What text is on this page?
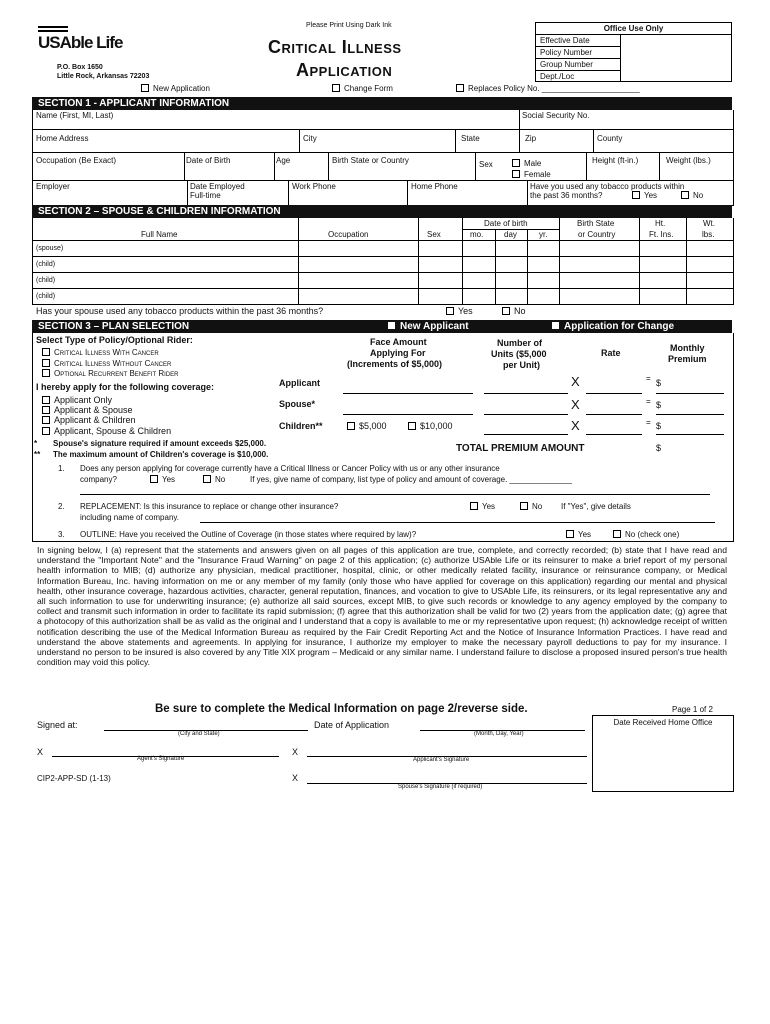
USAble Life
P.O. Box 1650
Little Rock, Arkansas 72203
Please Print Using Dark Ink
Critical Illness
Application
Office Use Only
Effective Date
Policy Number
Group Number
Dept./Loc
New Application	Change Form	Replaces Policy No. ______________________
SECTION 1 - APPLICANT INFORMATION
Name (First, MI, Last)	Social Security No.
Home Address	City	State	Zip	County
Occupation (Be Exact)	Date of Birth	Age	Birth State or Country	Sex	Male
Female
Height (ft-in.)	Weight (lbs.)
Employer	Date Employed
Full-time
Work Phone	Home Phone	Have you used any tobacco products within
the past 36 months?	Yes	No
SECTION 2 – SPOUSE & CHILDREN INFORMATION
Date of birth	Birth State	Ht.	Wt.
Full Name	Occupation	Sex	mo.	day	yr.	or Country	Ft. Ins.	lbs.
(spouse)
(child)
(child)
(child)
Has your spouse used any tobacco products within the past 36 months?	Yes	No
SECTION 3 – PLAN SELECTION	New Applicant	Application for Change
Select Type of Policy/Optional Rider:
Critical Illness With Cancer
Critical Illness Without Cancer
Optional Recurrent Benefit Rider
I hereby apply for the following coverage:
Applicant Only
Applicant & Spouse
Applicant & Children
Applicant, Spouse & Children
Face Amount
Applying For
(Increments of $5,000)
Number of
Units ($5,000
per Unit)
Rate	Monthly
Premium
Applicant	X	= $
Spouse*	X	= $
Children**	$5,000	$10,000	X	= $
* Spouse's signature required if amount exceeds $25,000.
** The maximum amount of Children's coverage is $10,000.
TOTAL PREMIUM AMOUNT	$
1. Does any person applying for coverage currently have a Critical Illness or Cancer Policy with us or any other insurance
company?	Yes	No	If yes, give name of company, list type of policy and amount of coverage. ______________
2. REPLACEMENT: Is this insurance to replace or change other insurance?	Yes	No If "Yes", give details
including name of company.
3. OUTLINE: Have you received the Outline of Coverage (in those states where required by law)?	Yes	No (check one)
In signing below, I (a) represent that the statements and answers given on all pages of this application are true, complete, and correctly recorded; (b) state that I have read and understand the "Important Note" and the "Insurance Fraud Warning" on page 2 of this application; (c) authorize USAble Life or its reinsurer to make a brief report of my personal health information to MIB; (d) authorize any physician, medical practitioner, hospital, clinic, or other medically related facility, insurance or reinsurance company, or Medical Information Bureau, Inc. having information on me or any member of my family (only those who have applied for coverage on this application) regarding our mental and physical health, other insurance coverage, hazardous activities, character, general reputation, finances, and vocation to give to USAble Life, its reinsurers, or its legal representative any and all such information to use for underwriting insurance; (e) authorize all said sources, except MIB, to give such records or knowledge to any agency employed by the company to collect and transmit such information in order to facilitate its rapid submission; (f) agree that this authorization shall be valid for two (2) years from the application date; (g) agree that a photocopy of this authorization shall be as valid as the original and I understand that a copy is available to me or my representative upon request; (h) acknowledge receipt of written notification describing the use of the Medical Information Bureau as required by the Fair Credit Reporting Act and the Notice of Insurance Information Practices. I have read and understand the above statements and agreements. In applying for insurance, I authorize my employer to make the necessary payroll deductions to pay for my insurance. I understand no person to be insured is also covered by any Title XIX program – Medicaid or any similar name. I understand failure to disclose a proposed insured person's true health condition may void this policy.
Be sure to complete the Medical Information on page 2/reverse side.	Page 1 of 2
Date Received Home Office
Signed at:
(City and State)
Date of Application
(Month, Day, Year)
X
Agent's Signature
X
Applicant's Signature
CIP2-APP-SD (1-13)	X
Spouse's Signature (if required)
